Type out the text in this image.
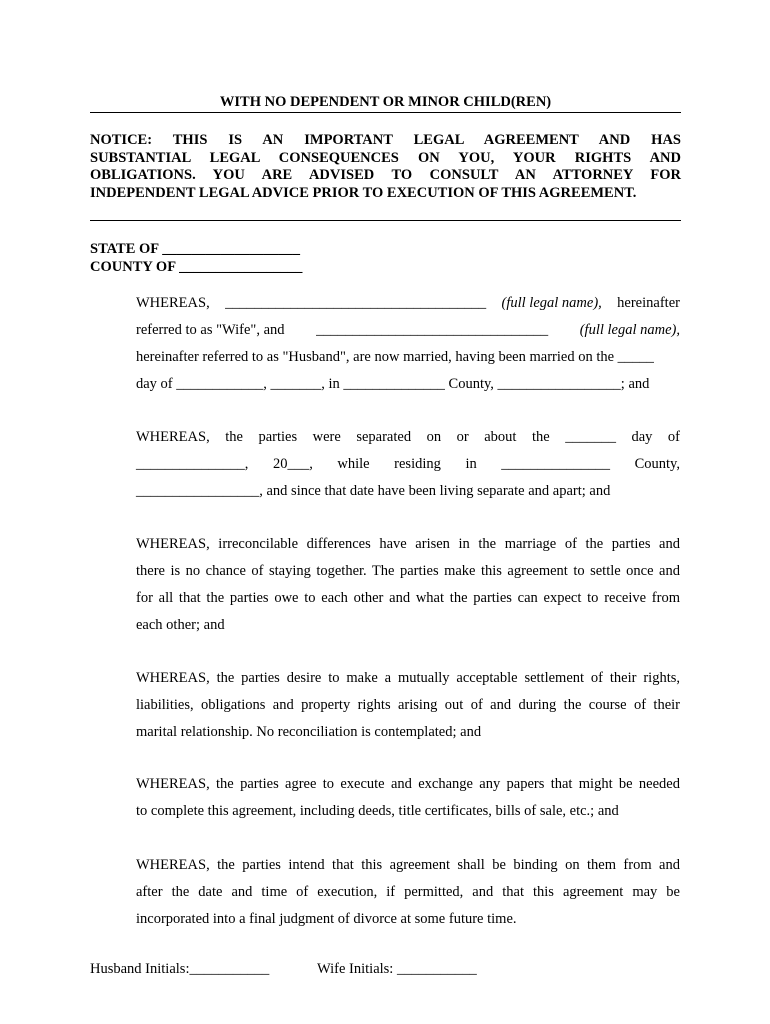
WITH NO DEPENDENT OR MINOR CHILD(REN)
NOTICE: THIS IS AN IMPORTANT LEGAL AGREEMENT AND HAS
SUBSTANTIAL LEGAL CONSEQUENCES ON YOU, YOUR RIGHTS AND
OBLIGATIONS. YOU ARE ADVISED TO CONSULT AN ATTORNEY FOR
INDEPENDENT LEGAL ADVICE PRIOR TO EXECUTION OF THIS AGREEMENT.
STATE OF ___________________
COUNTY OF _________________
WHEREAS, ____________________________________ (full legal name), hereinafter
referred to as "Wife", and ________________________________ (full legal name),
hereinafter referred to as "Husband", are now married, having been married on the _____
day of ____________, _______, in ______________ County, _________________; and
WHEREAS, the parties were separated on or about the _______ day of
_______________, 20___, while residing in _______________ County,
_________________, and since that date have been living separate and apart; and
WHEREAS, irreconcilable differences have arisen in the marriage of the parties and
there is no chance of staying together. The parties make this agreement to settle once and
for all that the parties owe to each other and what the parties can expect to receive from
each other; and
WHEREAS, the parties desire to make a mutually acceptable settlement of their rights,
liabilities, obligations and property rights arising out of and during the course of their
marital relationship. No reconciliation is contemplated; and
WHEREAS, the parties agree to execute and exchange any papers that might be needed
to complete this agreement, including deeds, title certificates, bills of sale, etc.; and
WHEREAS, the parties intend that this agreement shall be binding on them from and
after the date and time of execution, if permitted, and that this agreement may be
incorporated into a final judgment of divorce at some future time.
Husband Initials:___________	Wife Initials: ___________
